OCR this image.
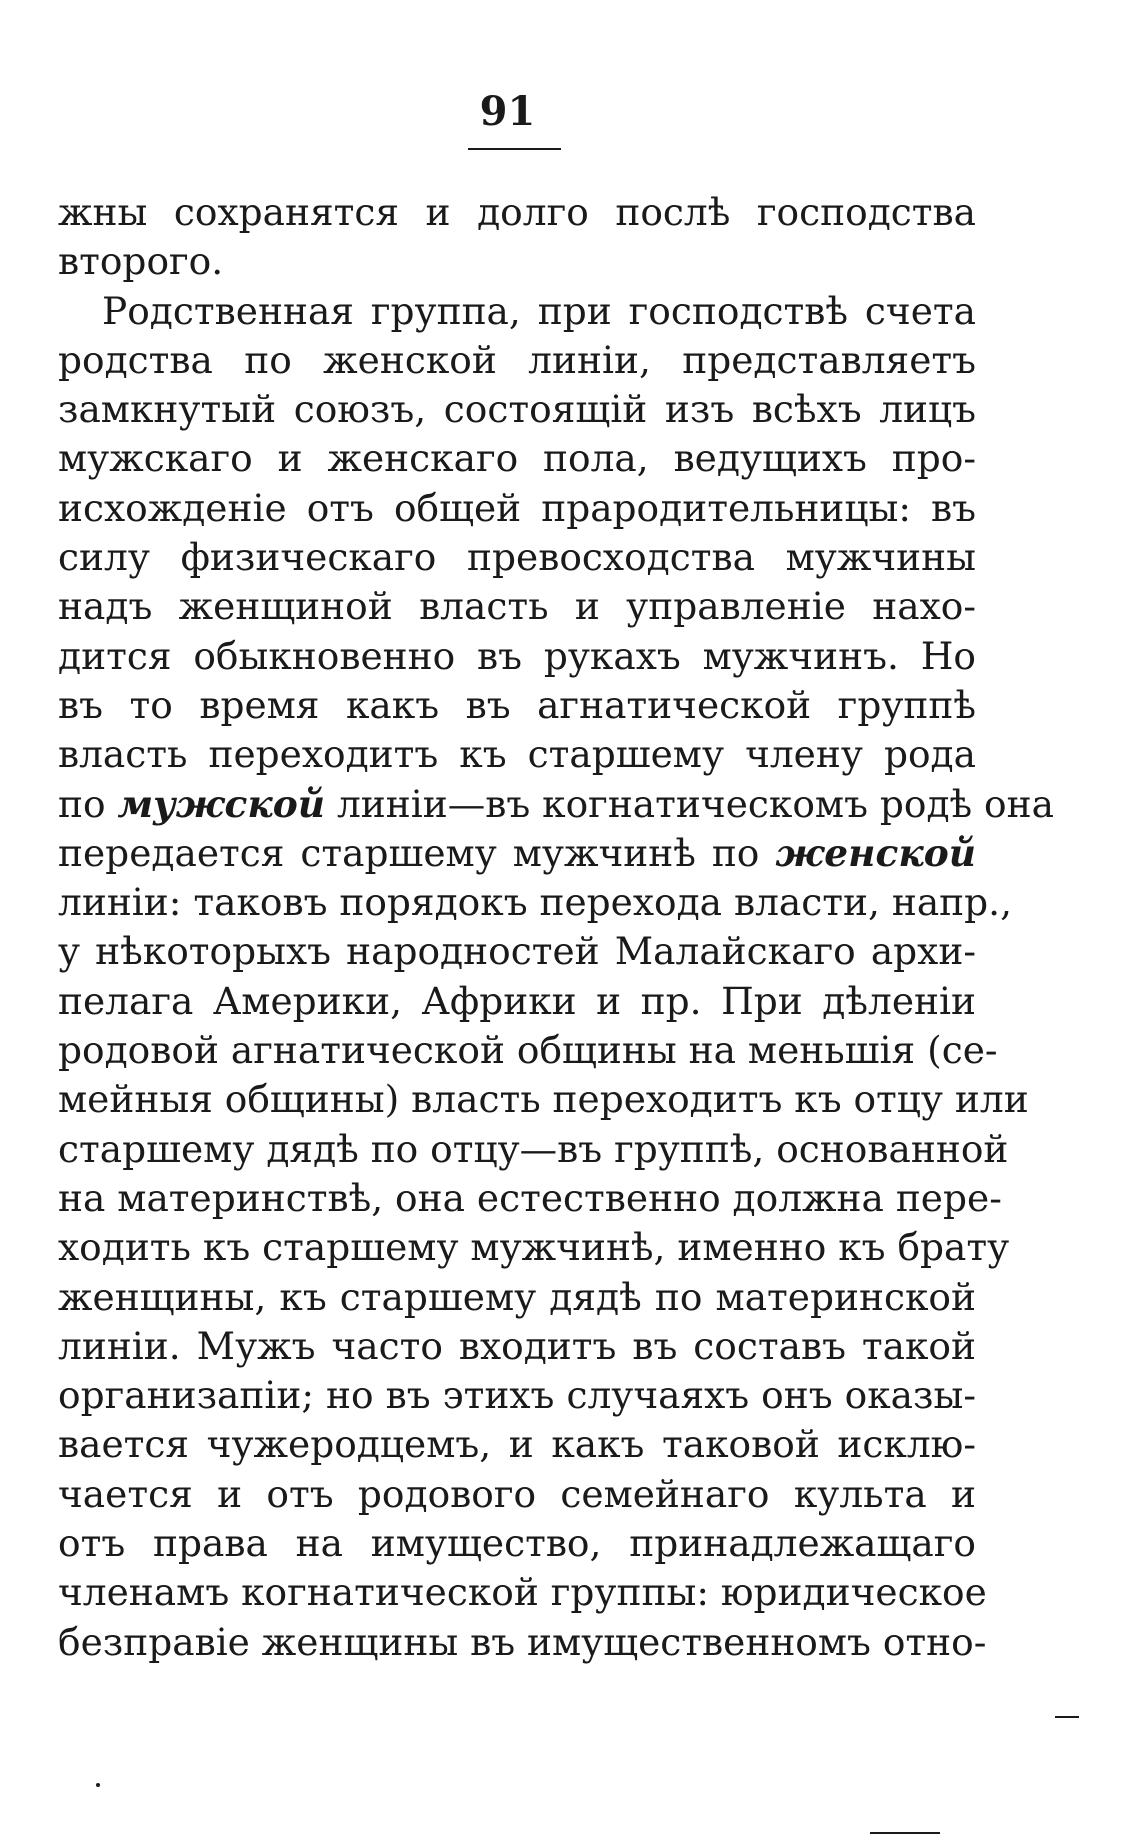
91
жны сохранятся и долго послѣ господства
второго.
Родственная группа, при господствѣ счета
родства по женской линіи, представляетъ
замкнутый союзъ, состоящій изъ всѣхъ лицъ
мужскаго и женскаго пола, ведущихъ про-
исхожденіе отъ общей прародительницы: въ
силу физическаго превосходства мужчины
надъ женщиной власть и управленіе нахо-
дится обыкновенно въ рукахъ мужчинъ. Но
въ то время какъ въ агнатической группѣ
власть переходитъ къ старшему члену рода
по мужской линіи—въ когнатическомъ родѣ она
передается старшему мужчинѣ по женской
линіи: таковъ порядокъ перехода власти, напр.,
у нѣкоторыхъ народностей Малайскаго архи-
пелага Америки, Африки и пр. При дѣленіи
родовой агнатической общины на меньшія (се-
мейныя общины) власть переходитъ къ отцу или
старшему дядѣ по отцу—въ группѣ, основанной
на материнствѣ, она естественно должна пере-
ходить къ старшему мужчинѣ, именно къ брату
женщины, къ старшему дядѣ по материнской
линіи. Мужъ часто входитъ въ составъ такой
организапіи; но въ этихъ случаяхъ онъ оказы-
вается чужеродцемъ, и какъ таковой исклю-
чается и отъ родового семейнаго культа и
отъ права на имущество, принадлежащаго
членамъ когнатической группы: юридическое
безправіе женщины въ имущественномъ отно-
